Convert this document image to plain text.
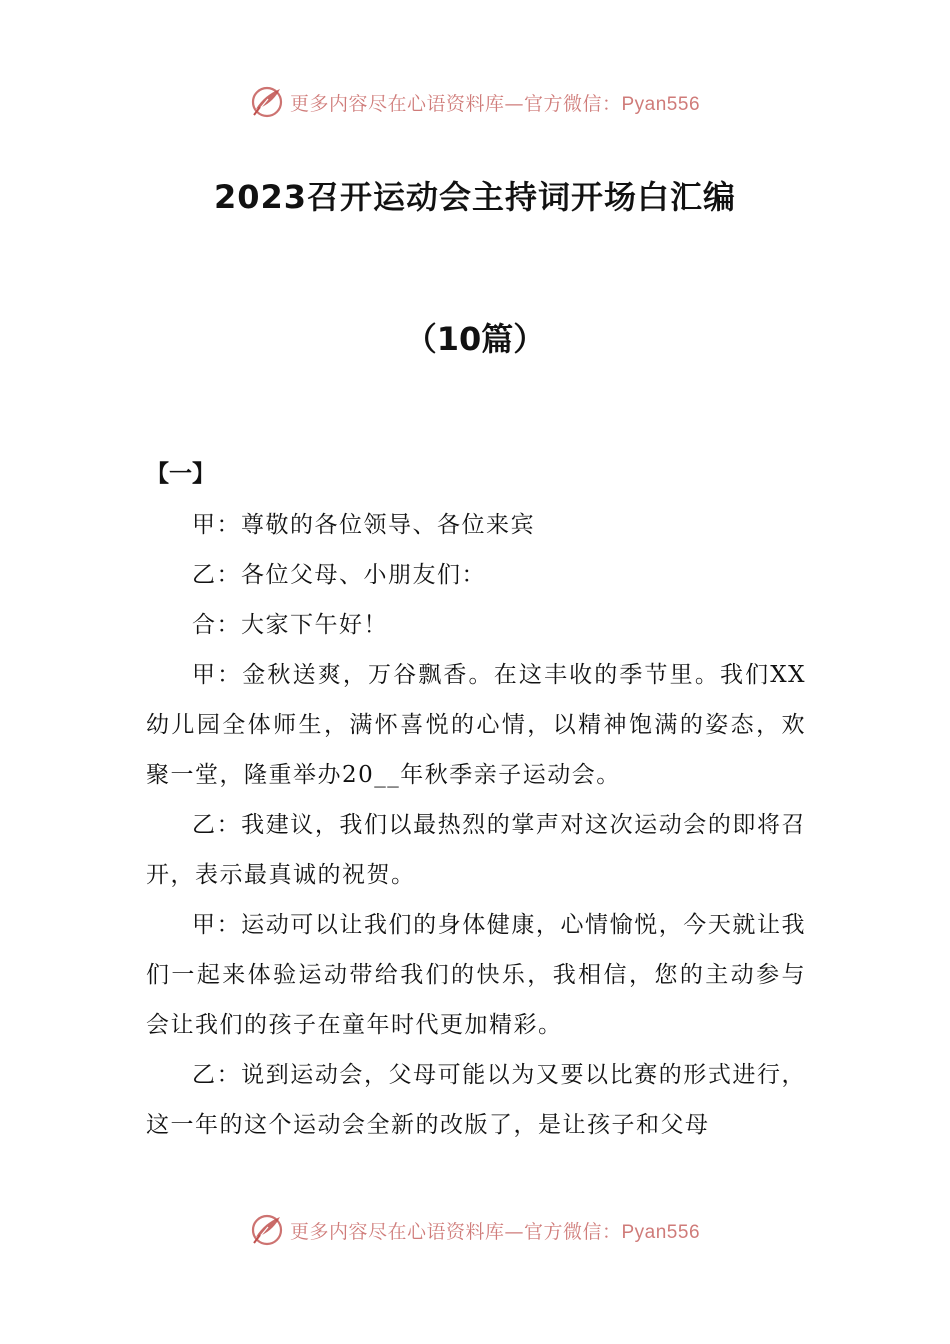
更多内容尽在心语资料库—官方微信：Pyan556
2023召开运动会主持词开场白汇编
（10篇）
【一】

甲：尊敬的各位领导、各位来宾

乙：各位父母、小朋友们：

合：大家下午好！

甲：金秋送爽，万谷飘香。在这丰收的季节里。我们XX幼儿园全体师生，满怀喜悦的心情，以精神饱满的姿态，欢聚一堂，隆重举办20__年秋季亲子运动会。

乙：我建议，我们以最热烈的掌声对这次运动会的即将召开，表示最真诚的祝贺。

甲：运动可以让我们的身体健康，心情愉悦，今天就让我们一起来体验运动带给我们的快乐，我相信，您的主动参与会让我们的孩子在童年时代更加精彩。

乙：说到运动会，父母可能以为又要以比赛的形式进行，这一年的这个运动会全新的改版了，是让孩子和父母

更多内容尽在心语资料库—官方微信：Pyan556
